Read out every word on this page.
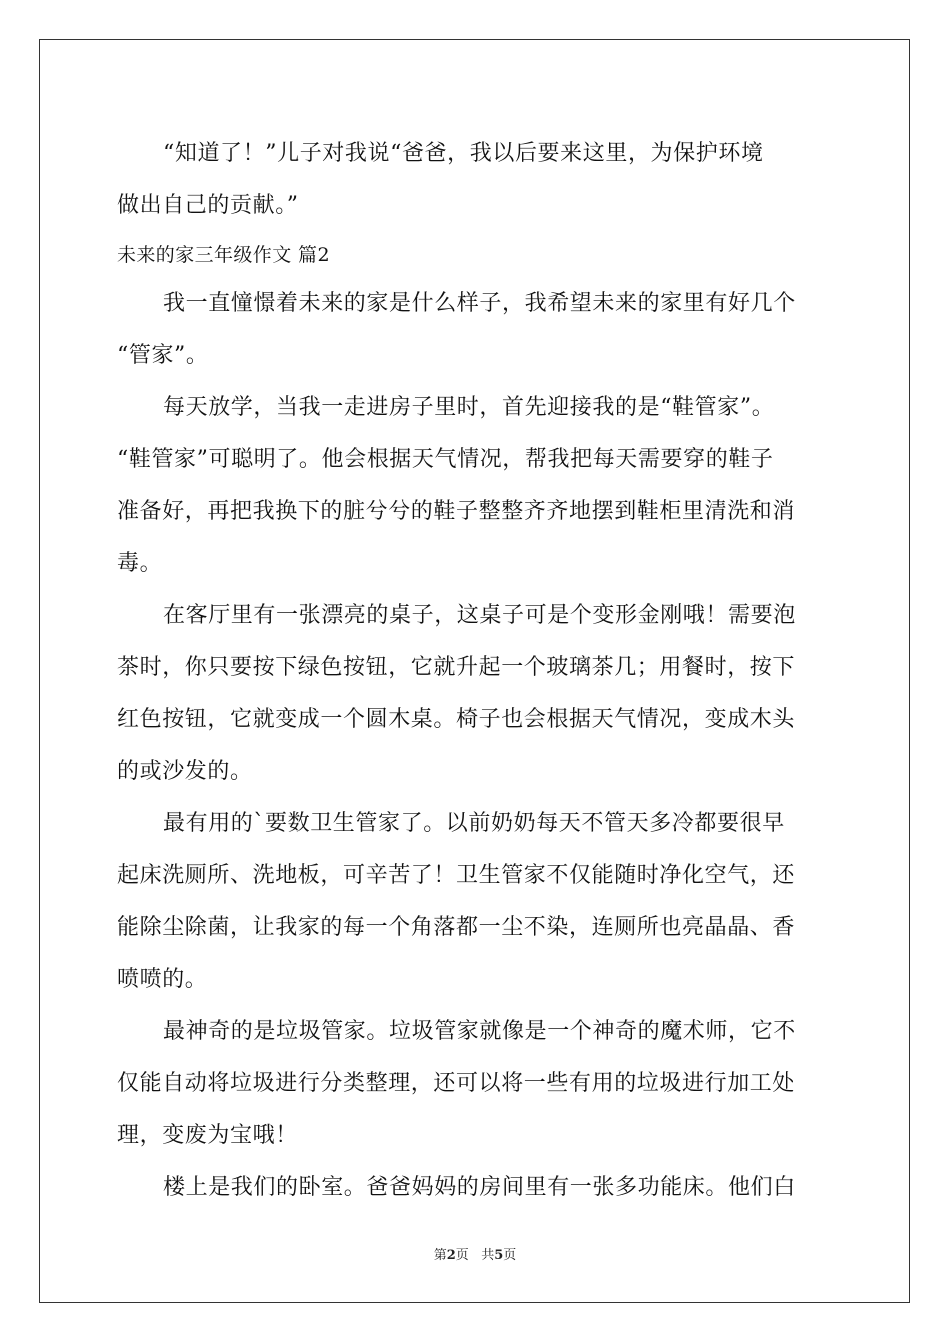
“知道了！”儿子对我说“爸爸，我以后要来这里，为保护环境
做出自己的贡献。”
未来的家三年级作文 篇2
我一直憧憬着未来的家是什么样子，我希望未来的家里有好几个
“管家”。
每天放学，当我一走进房子里时，首先迎接我的是“鞋管家”。
“鞋管家”可聪明了。他会根据天气情况，帮我把每天需要穿的鞋子
准备好，再把我换下的脏兮兮的鞋子整整齐齐地摆到鞋柜里清洗和消
毒。
在客厅里有一张漂亮的桌子，这桌子可是个变形金刚哦！需要泡
茶时，你只要按下绿色按钮，它就升起一个玻璃茶几；用餐时，按下
红色按钮，它就变成一个圆木桌。椅子也会根据天气情况，变成木头
的或沙发的。
最有用的`要数卫生管家了。以前奶奶每天不管天多冷都要很早
起床洗厕所、洗地板，可辛苦了！卫生管家不仅能随时净化空气，还
能除尘除菌，让我家的每一个角落都一尘不染，连厕所也亮晶晶、香
喷喷的。
最神奇的是垃圾管家。垃圾管家就像是一个神奇的魔术师，它不
仅能自动将垃圾进行分类整理，还可以将一些有用的垃圾进行加工处
理，变废为宝哦！
楼上是我们的卧室。爸爸妈妈的房间里有一张多功能床。他们白
第2页 共5页
